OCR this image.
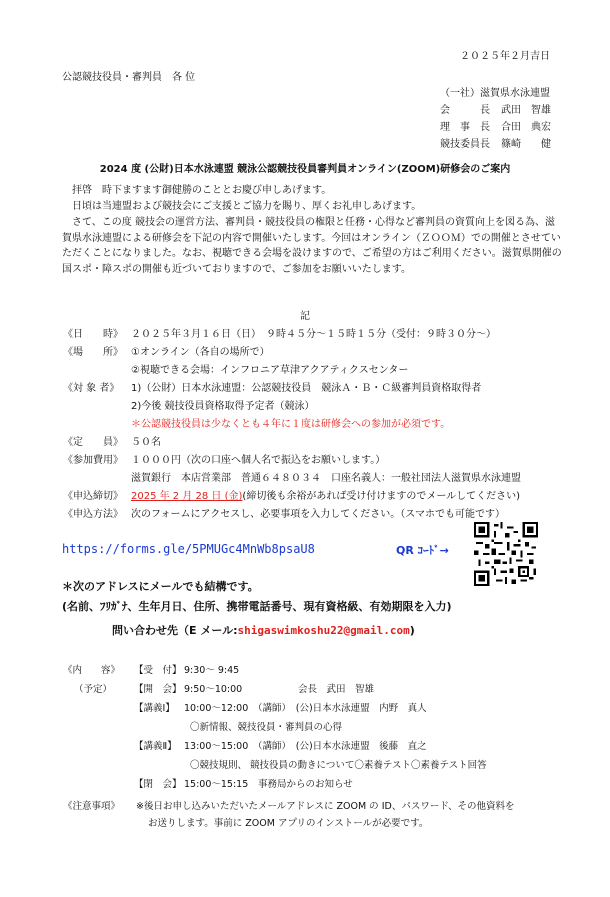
２０２５年２月吉日
公認競技役員・審判員　各 位
（一社）滋賀県水泳連盟
会　　　長 武田　智雄
理　事　長 合田　典宏
競技委員長 篠崎　　健
2024 度 (公財)日本水泳連盟 競泳公認競技役員審判員オンライン(ZOOM)研修会のご案内
　拝啓　時下ますます御健勝のこととお慶び申しあげます。
　日頃は当連盟および競技会にご支援とご協力を賜り、厚くお礼申しあげます。
　さて、この度 競技会の運営方法、審判員・競技役員の権限と任務・心得など審判員の資質向上を図る為、滋賀県水泳連盟による研修会を下記の内容で開催いたします。今回はオンライン（ＺＯＯＭ）での開催とさせていただくことになりました。なお、視聴できる会場を設けますので、ご希望の方はご利用ください。滋賀県開催の国スポ・障スポの開催も近づいておりますので、ご参加をお願いいたします。
記
《日　　時》 ２０２５年３月１６日（日）　９時４５分～１５時１５分（受付：９時３０分～）
《場　　所》 ①オンライン（各自の場所で）
②視聴できる会場：インフロニア草津アクアティクスセンター
《対 象 者》 1)（公財）日本水泳連盟：公認競技役員　競泳Ａ・Ｂ・Ｃ級審判員資格取得者
2)今後 競技役員資格取得予定者（競泳）
＊公認競技役員は少なくとも４年に１度は研修会への参加が必須です。
《定　　員》 ５０名
《参加費用》 １０００円（次の口座へ個人名で振込をお願いします。）
滋賀銀行　本店営業部　普通６４８０３４　口座名義人：一般社団法人滋賀県水泳連盟
《申込締切》 2025 年 2 月 28 日 (金)(締切後も余裕があれば受け付けますのでメールしてください)
《申込方法》 次のフォームにアクセスし、必要事項を入力してください。（スマホでも可能です）
https://forms.gle/5PMUGc4MnWb8psaU8	QR ｺｰﾄﾞ→
＊次のアドレスにメールでも結構です。
(名前、ﾌﾘｶﾞﾅ、生年月日、住所、携帯電話番号、現有資格級、有効期限を入力)
問い合わせ先（E メール:shigaswimkoshu22@gmail.com)
《内　　容》
（予定）
【受　付】 9:30～ 9:45
【開　会】 9:50～10:00	会長　武田　智雄
【講義Ⅰ】 10:00～12:00 （講師）　(公)日本水泳連盟　内野　真人
〇新情報、競技役員・審判員の心得
【講義Ⅱ】 13:00～15:00 （講師）　(公)日本水泳連盟　後藤　直之
〇競技規則、 競技役員の動きについて〇素養テスト〇素養テスト回答
【閉　会】 15:00～15:15 事務局からのお知らせ
《注意事項》 ※後日お申し込みいただいたメールアドレスに ZOOM の ID、パスワード、その他資料を
お送りします。事前に ZOOM アプリのインストールが必要です。
